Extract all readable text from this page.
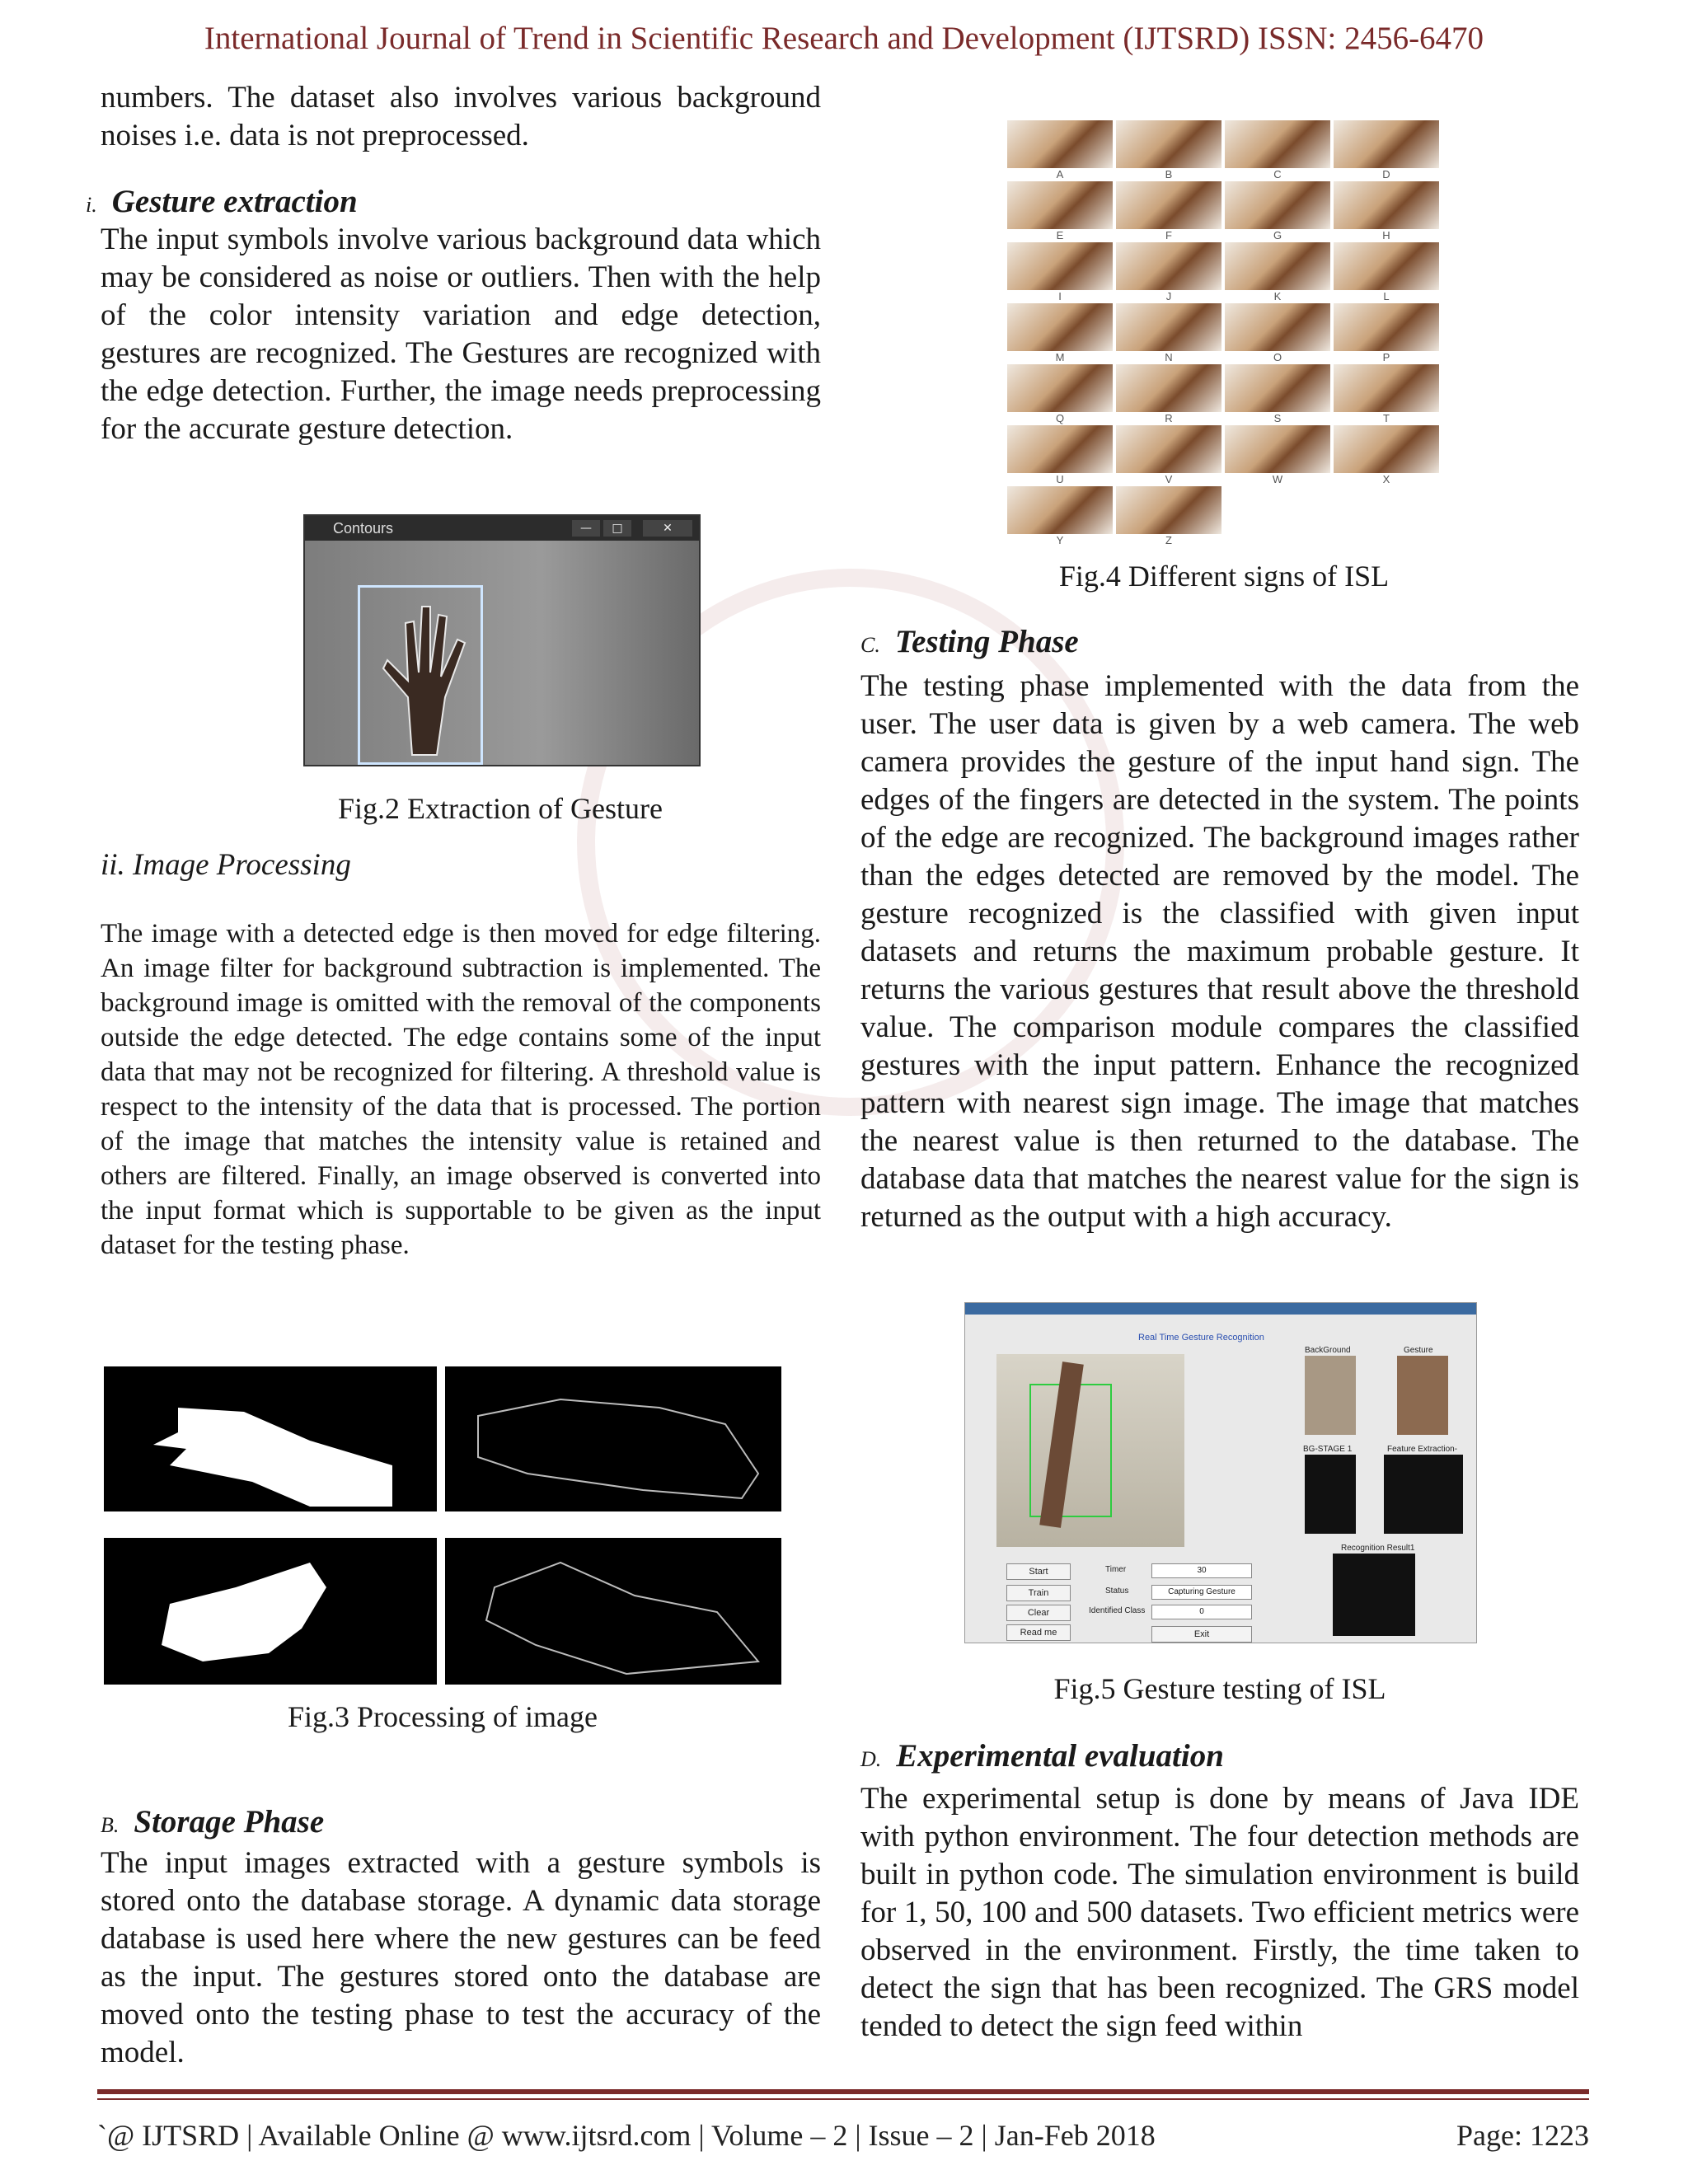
International Journal of Trend in Scientific Research and Development (IJTSRD) ISSN: 2456-6470
numbers. The dataset also involves various background noises i.e. data is not preprocessed.
i. Gesture extraction
The input symbols involve various background data which may be considered as noise or outliers. Then with the help of the color intensity variation and edge detection, gestures are recognized. The Gestures are recognized with the edge detection. Further, the image needs preprocessing for the accurate gesture detection.
Contours	—	□	✕
Fig.2 Extraction of Gesture
ii. Image Processing
The image with a detected edge is then moved for edge filtering. An image filter for background subtraction is implemented. The background image is omitted with the removal of the components outside the edge detected. The edge contains some of the input data that may not be recognized for filtering. A threshold value is respect to the intensity of the data that is processed. The portion of the image that matches the intensity value is retained and others are filtered. Finally, an image observed is converted into the input format which is supportable to be given as the input dataset for the testing phase.
Fig.3 Processing of image
B. Storage Phase
The input images extracted with a gesture symbols is stored onto the database storage. A dynamic data storage database is used here where the new gestures can be feed as the input. The gestures stored onto the database are moved onto the testing phase to test the accuracy of the model.
A	B	C	D
E	F	G	H
I	J	K	L
M	N	O	P
Q	R	S	T
U	V	W	X
Y	Z
Fig.4 Different signs of ISL
C. Testing Phase
The testing phase implemented with the data from the user. The user data is given by a web camera. The web camera provides the gesture of the input hand sign. The edges of the fingers are detected in the system. The points of the edge are recognized. The background images rather than the edges detected are removed by the model. The gesture recognized is the classified with given input datasets and returns the maximum probable gesture. It returns the various gestures that result above the threshold value. The comparison module compares the classified gestures with the input pattern. Enhance the recognized pattern with nearest sign image. The image that matches the nearest value is then returned to the database. The database data that matches the nearest value for the sign is returned as the output with a high accuracy.
Real Time Gesture Recognition
BackGround	Gesture
BG-STAGE 1	Feature Extraction-
Recognition Result1
Start
Train
Clear
Read me
Timer	30
Status	Capturing Gesture
Identified Class	0
Exit
Fig.5 Gesture testing of ISL
D. Experimental evaluation
The experimental setup is done by means of Java IDE with python environment. The four detection methods are built in python code. The simulation environment is build for 1, 50, 100 and 500 datasets. Two efficient metrics were observed in the environment. Firstly, the time taken to detect the sign that has been recognized. The GRS model tended to detect the sign feed within
`@ IJTSRD | Available Online @ www.ijtsrd.com | Volume – 2 | Issue – 2 | Jan-Feb 2018	Page: 1223
